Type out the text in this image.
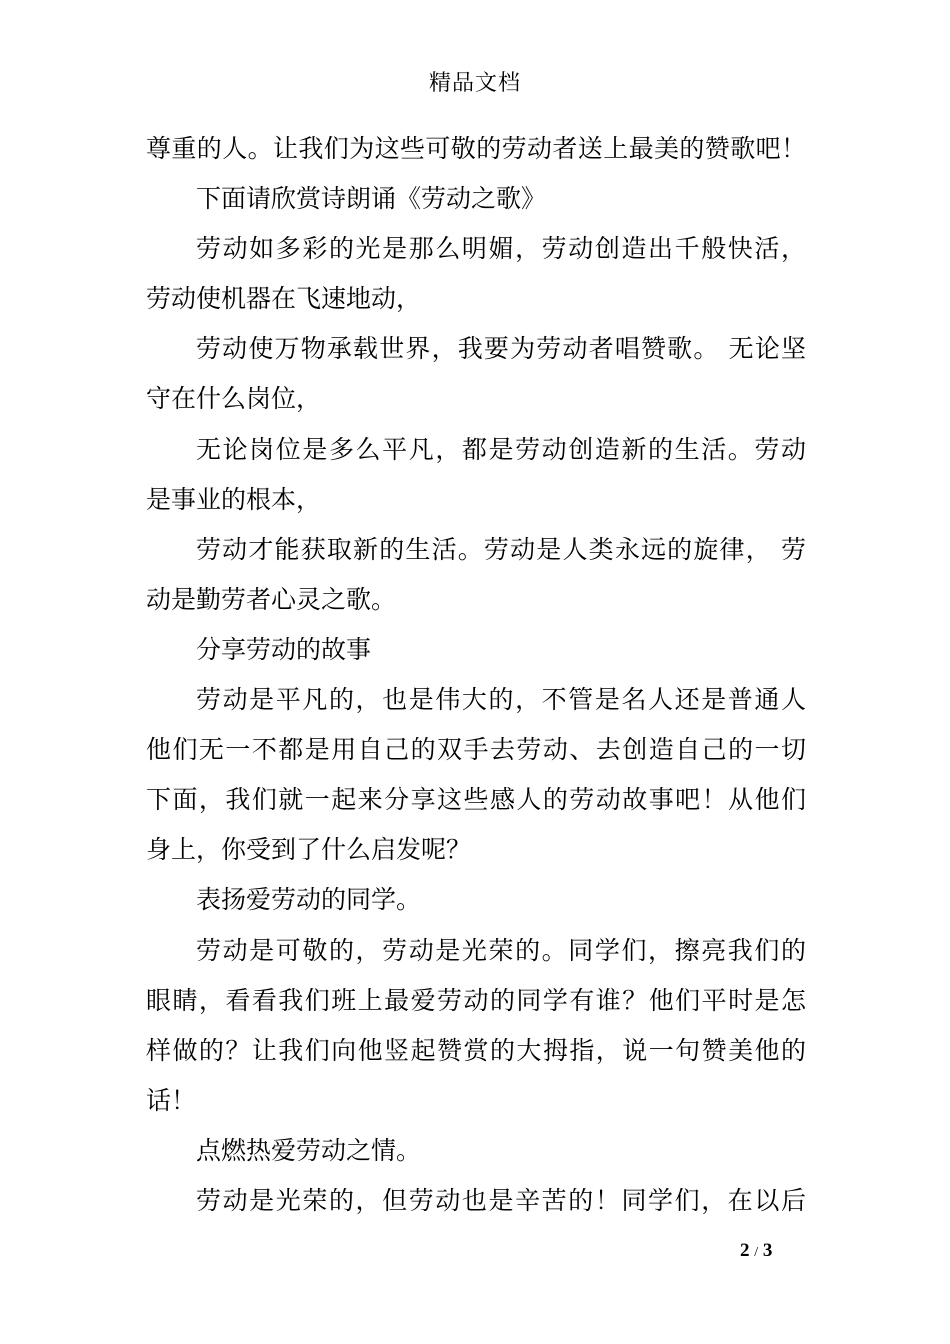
精品文档
尊重的人。让我们为这些可敬的劳动者送上最美的赞歌吧！
下面请欣赏诗朗诵《劳动之歌》
劳动如多彩的光是那么明媚，劳动创造出千般快活，
劳动使机器在飞速地动，
劳动使万物承载世界，我要为劳动者唱赞歌。 无论坚
守在什么岗位，
无论岗位是多么平凡，都是劳动创造新的生活。劳动
是事业的根本，
劳动才能获取新的生活。劳动是人类永远的旋律， 劳
动是勤劳者心灵之歌。
分享劳动的故事
劳动是平凡的，也是伟大的，不管是名人还是普通人
他们无一不都是用自己的双手去劳动、去创造自己的一切
下面，我们就一起来分享这些感人的劳动故事吧！从他们
身上，你受到了什么启发呢？
表扬爱劳动的同学。
劳动是可敬的，劳动是光荣的。同学们，擦亮我们的
眼睛，看看我们班上最爱劳动的同学有谁？他们平时是怎
样做的？让我们向他竖起赞赏的大拇指，说一句赞美他的
话！
点燃热爱劳动之情。
劳动是光荣的，但劳动也是辛苦的！同学们，在以后
2 / 3
